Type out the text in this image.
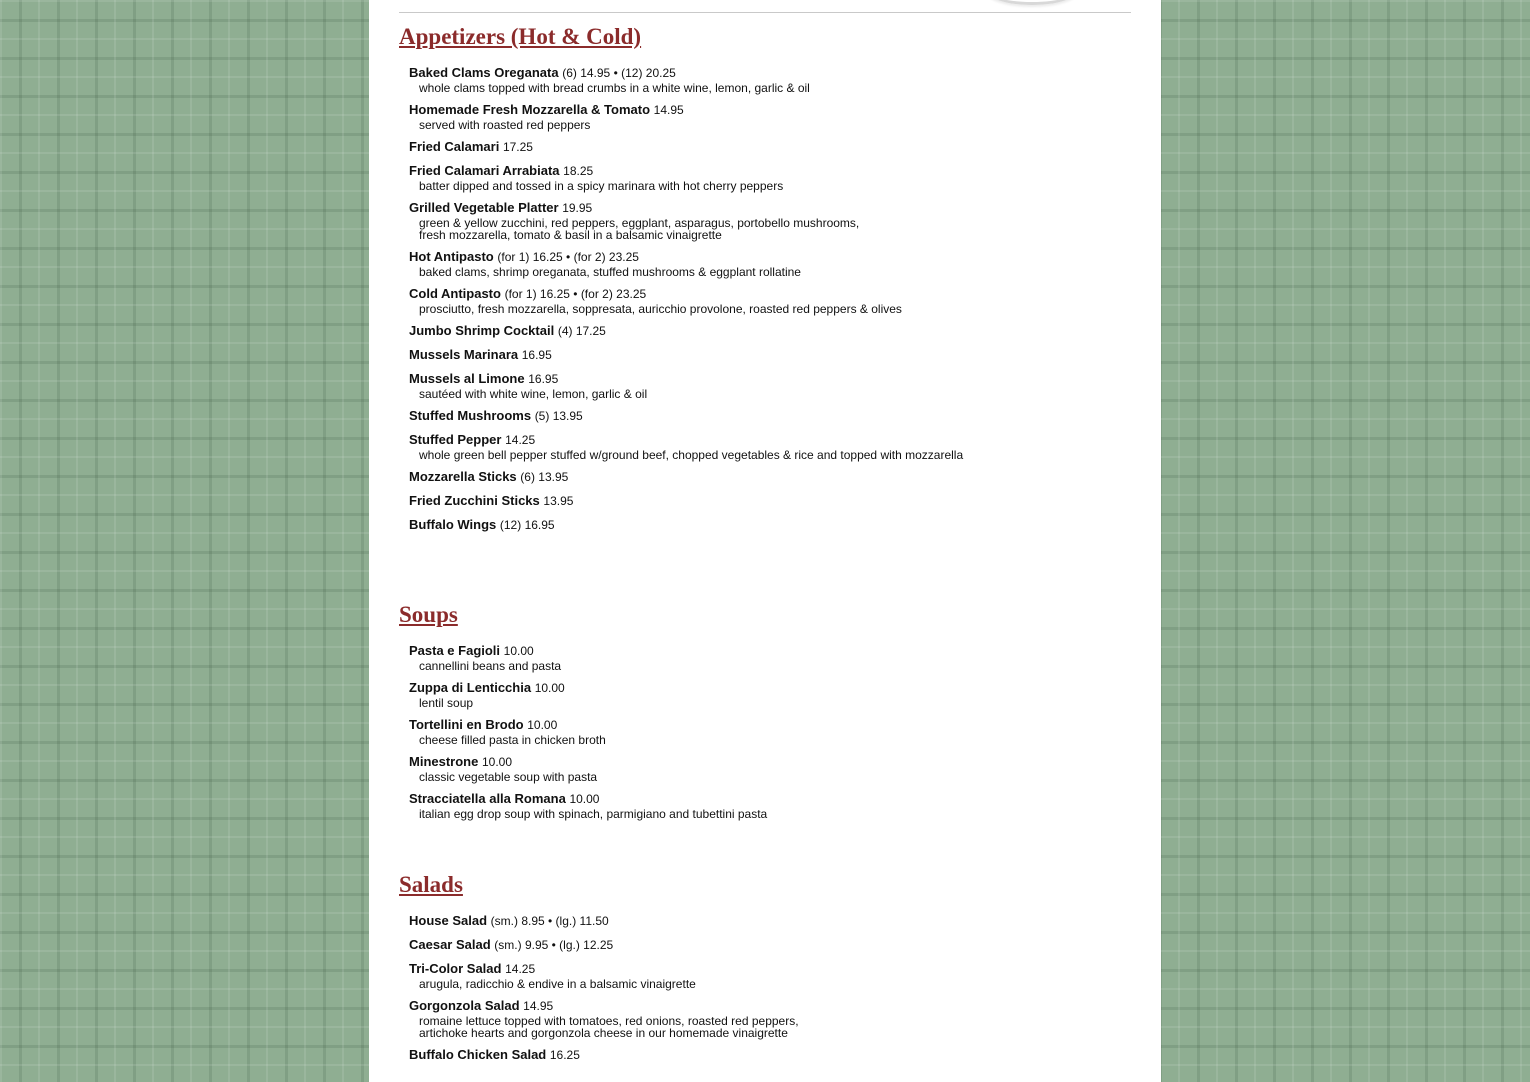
Appetizers (Hot & Cold)
Baked Clams Oreganata (6) 14.95 • (12) 20.25
whole clams topped with bread crumbs in a white wine, lemon, garlic & oil
Homemade Fresh Mozzarella & Tomato 14.95
served with roasted red peppers
Fried Calamari 17.25
Fried Calamari Arrabiata 18.25
batter dipped and tossed in a spicy marinara with hot cherry peppers
Grilled Vegetable Platter 19.95
green & yellow zucchini, red peppers, eggplant, asparagus, portobello mushrooms,
fresh mozzarella, tomato & basil in a balsamic vinaigrette
Hot Antipasto (for 1) 16.25 • (for 2) 23.25
baked clams, shrimp oreganata, stuffed mushrooms & eggplant rollatine
Cold Antipasto (for 1) 16.25 • (for 2) 23.25
prosciutto, fresh mozzarella, soppresata, auricchio provolone, roasted red peppers & olives
Jumbo Shrimp Cocktail (4) 17.25
Mussels Marinara 16.95
Mussels al Limone 16.95
sautéed with white wine, lemon, garlic & oil
Stuffed Mushrooms (5) 13.95
Stuffed Pepper 14.25
whole green bell pepper stuffed w/ground beef, chopped vegetables & rice and topped with mozzarella
Mozzarella Sticks (6) 13.95
Fried Zucchini Sticks 13.95
Buffalo Wings (12) 16.95
Soups
Pasta e Fagioli 10.00
cannellini beans and pasta
Zuppa di Lenticchia 10.00
lentil soup
Tortellini en Brodo 10.00
cheese filled pasta in chicken broth
Minestrone 10.00
classic vegetable soup with pasta
Stracciatella alla Romana 10.00
italian egg drop soup with spinach, parmigiano and tubettini pasta
Salads
House Salad (sm.) 8.95 • (lg.) 11.50
Caesar Salad (sm.) 9.95 • (lg.) 12.25
Tri-Color Salad 14.25
arugula, radicchio & endive in a balsamic vinaigrette
Gorgonzola Salad 14.95
romaine lettuce topped with tomatoes, red onions, roasted red peppers,
artichoke hearts and gorgonzola cheese in our homemade vinaigrette
Buffalo Chicken Salad 16.25
